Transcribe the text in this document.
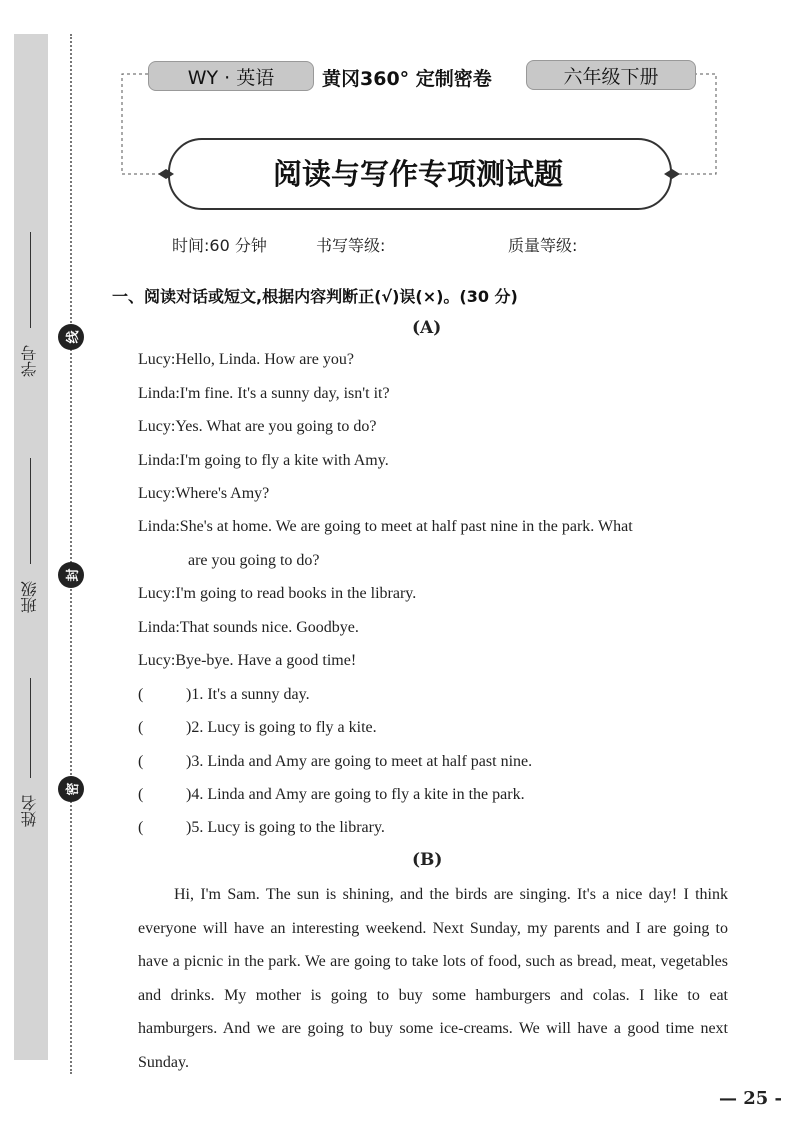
学号
班级
姓名
线
封
密
WY · 英语	黄冈360° 定制密卷	六年级下册
阅读与写作专项测试题
时间:60 分钟	书写等级:	质量等级:
一、阅读对话或短文,根据内容判断正(√)误(×)。(30 分)
(A)
Lucy:Hello, Linda. How are you?
Linda:I'm fine. It's a sunny day, isn't it?
Lucy:Yes. What are you going to do?
Linda:I'm going to fly a kite with Amy.
Lucy:Where's Amy?
Linda:She's at home. We are going to meet at half past nine in the park. What
are you going to do?
Lucy:I'm going to read books in the library.
Linda:That sounds nice. Goodbye.
Lucy:Bye-bye. Have a good time!
(	)1. It's a sunny day.
(	)2. Lucy is going to fly a kite.
(	)3. Linda and Amy are going to meet at half past nine.
(	)4. Linda and Amy are going to fly a kite in the park.
(	)5. Lucy is going to the library.
(B)
Hi, I'm Sam. The sun is shining, and the birds are singing. It's a nice day! I think everyone will have an interesting weekend. Next Sunday, my parents and I are going to have a picnic in the park. We are going to take lots of food, such as bread, meat, vegetables and drinks. My mother is going to buy some hamburgers and colas. I like to eat hamburgers. And we are going to buy some ice-creams. We will have a good time next Sunday.
— 25 -
